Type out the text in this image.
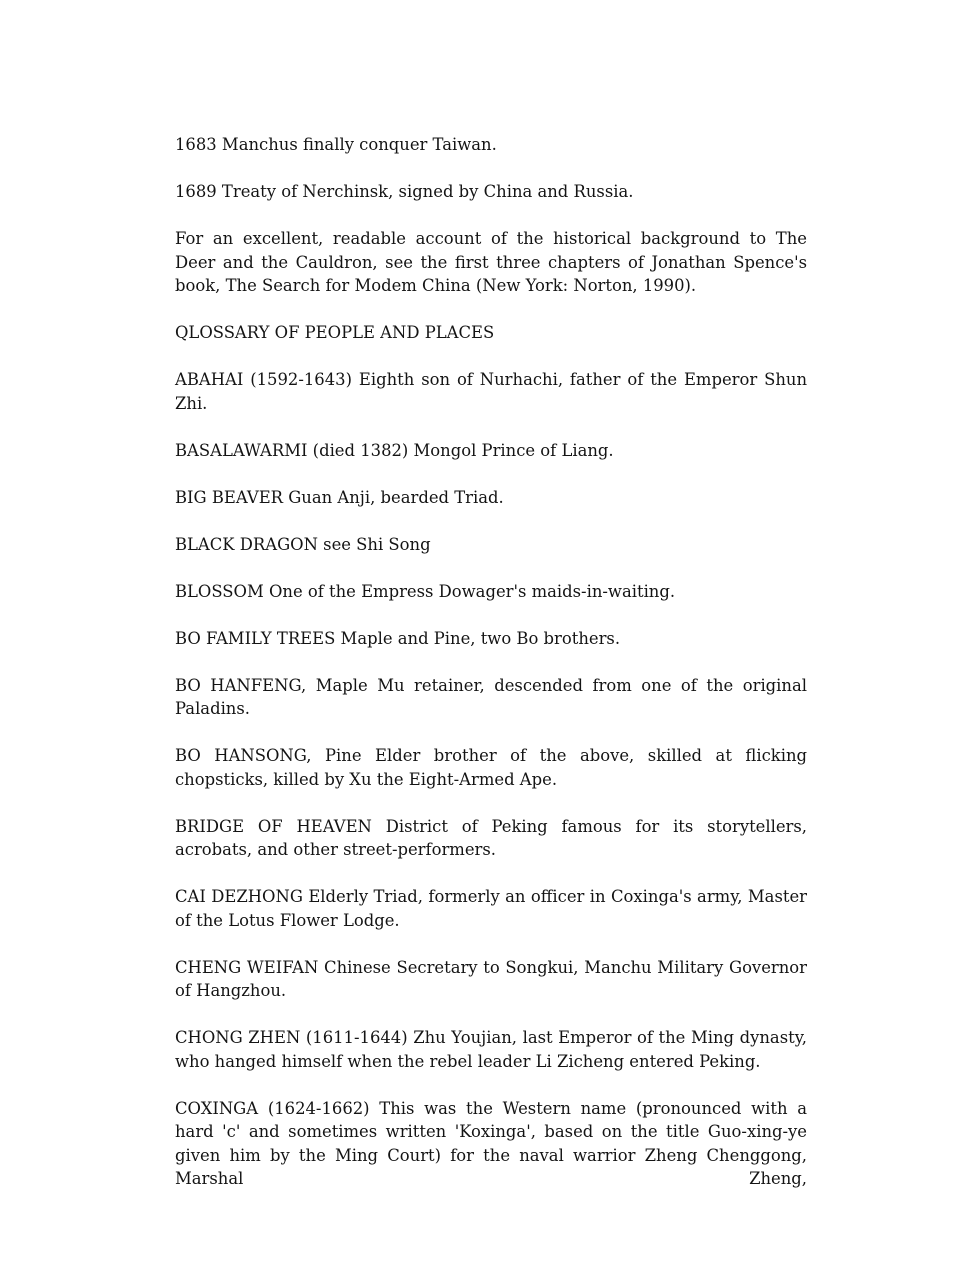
1683 Manchus finally conquer Taiwan.

1689 Treaty of Nerchinsk, signed by China and Russia.

For an excellent, readable account of the historical background to The Deer and the Cauldron, see the first three chapters of Jonathan Spence's book, The Search for Modem China (New York: Norton, 1990).

QLOSSARY OF PEOPLE AND PLACES

ABAHAI (1592-1643) Eighth son of Nurhachi, father of the Emperor Shun Zhi.

BASALAWARMI (died 1382) Mongol Prince of Liang.

BIG BEAVER Guan Anji, bearded Triad.

BLACK DRAGON see Shi Song

BLOSSOM One of the Empress Dowager's maids-in-waiting.

BO FAMILY TREES Maple and Pine, two Bo brothers.

BO HANFENG, Maple Mu retainer, descended from one of the original Paladins.

BO HANSONG, Pine Elder brother of the above, skilled at flicking chopsticks, killed by Xu the Eight-Armed Ape.

BRIDGE OF HEAVEN District of Peking famous for its storytellers, acrobats, and other street-performers.

CAI DEZHONG Elderly Triad, formerly an officer in Coxinga's army, Master of the Lotus Flower Lodge.

CHENG WEIFAN Chinese Secretary to Songkui, Manchu Military Governor of Hangzhou.

CHONG ZHEN (1611-1644) Zhu Youjian, last Emperor of the Ming dynasty, who hanged himself when the rebel leader Li Zicheng entered Peking.

COXINGA (1624-1662) This was the Western name (pronounced with a hard 'c' and sometimes written 'Koxinga', based on the title Guo-xing-ye given him by the Ming Court) for the naval warrior Zheng Chenggong, Marshal Zheng,
